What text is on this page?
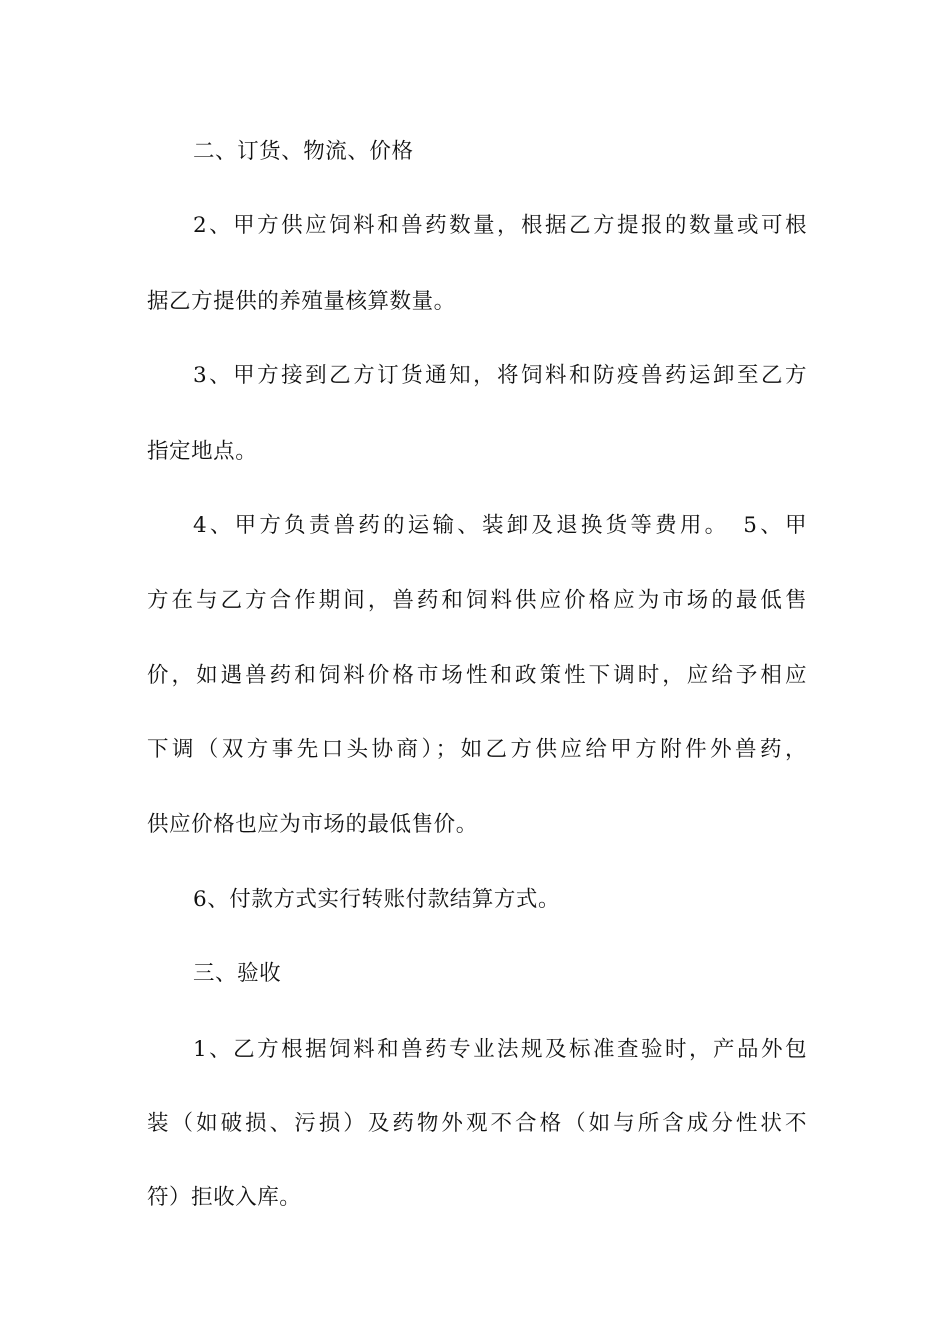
二、订货、物流、价格
2、甲方供应饲料和兽药数量，根据乙方提报的数量或可根
据乙方提供的养殖量核算数量。
3、甲方接到乙方订货通知，将饲料和防疫兽药运卸至乙方
指定地点。
4、甲方负责兽药的运输、装卸及退换货等费用。　5、甲
方在与乙方合作期间，兽药和饲料供应价格应为市场的最低售
价，如遇兽药和饲料价格市场性和政策性下调时，应给予相应
下调（双方事先口头协商）；如乙方供应给甲方附件外兽药，
供应价格也应为市场的最低售价。
6、付款方式实行转账付款结算方式。
三、验收
1、乙方根据饲料和兽药专业法规及标准查验时，产品外包
装（如破损、污损）及药物外观不合格（如与所含成分性状不
符）拒收入库。
